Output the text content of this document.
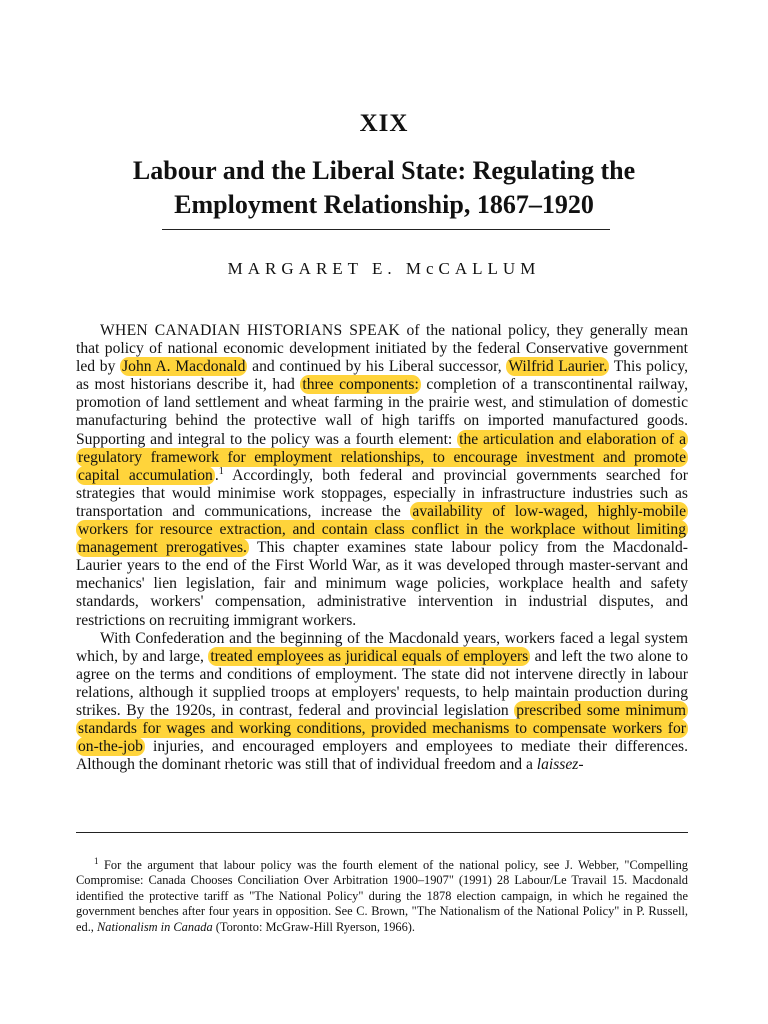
XIX
Labour and the Liberal State: Regulating the Employment Relationship, 1867–1920
MARGARET E. McCALLUM

WHEN CANADIAN HISTORIANS SPEAK of the national policy, they generally mean that policy of national economic development initiated by the federal Conservative government led by John A. Macdonald and continued by his Liberal successor, Wilfrid Laurier. This policy, as most historians describe it, had three components: completion of a transcontinental railway, promotion of land settlement and wheat farming in the prairie west, and stimulation of domestic manufacturing behind the protective wall of high tariffs on imported manufactured goods. Supporting and integral to the policy was a fourth element: the articulation and elaboration of a regulatory framework for employment relationships, to encourage investment and promote capital accumulation .$^1$ Accordingly, both federal and provincial governments searched for strategies that would minimise work stoppages, especially in infrastructure industries such as transportation and communications, increase the availability of low-waged, highly-mobile workers for resource extraction, and contain class conflict in the workplace without limiting management prerogatives. This chapter examines state labour policy from the Macdonald-Laurier years to the end of the First World War, as it was developed through master-servant and mechanics' lien legislation, fair and minimum wage policies, workplace health and safety standards, workers' compensation, administrative intervention in industrial disputes, and restrictions on recruiting immigrant workers.

With Confederation and the beginning of the Macdonald years, workers faced a legal system which, by and large, treated employees as juridical equals of employers and left the two alone to agree on the terms and conditions of employment. The state did not intervene directly in labour relations, although it supplied troops at employers' requests, to help maintain production during strikes. By the 1920s, in contrast, federal and provincial legislation prescribed some minimum standards for wages and working conditions, provided mechanisms to compensate workers for on-the-job injuries, and encouraged employers and employees to mediate their differences. Although the dominant rhetoric was still that of individual freedom and a laissez-

$^1$ For the argument that labour policy was the fourth element of the national policy, see J. Webber, "Compelling Compromise: Canada Chooses Conciliation Over Arbitration 1900–1907" (1991) 28 Labour/Le Travail 15. Macdonald identified the protective tariff as "The National Policy" during the 1878 election campaign, in which he regained the government benches after four years in opposition. See C. Brown, "The Nationalism of the National Policy" in P. Russell, ed., Nationalism in Canada (Toronto: McGraw-Hill Ryerson, 1966).
